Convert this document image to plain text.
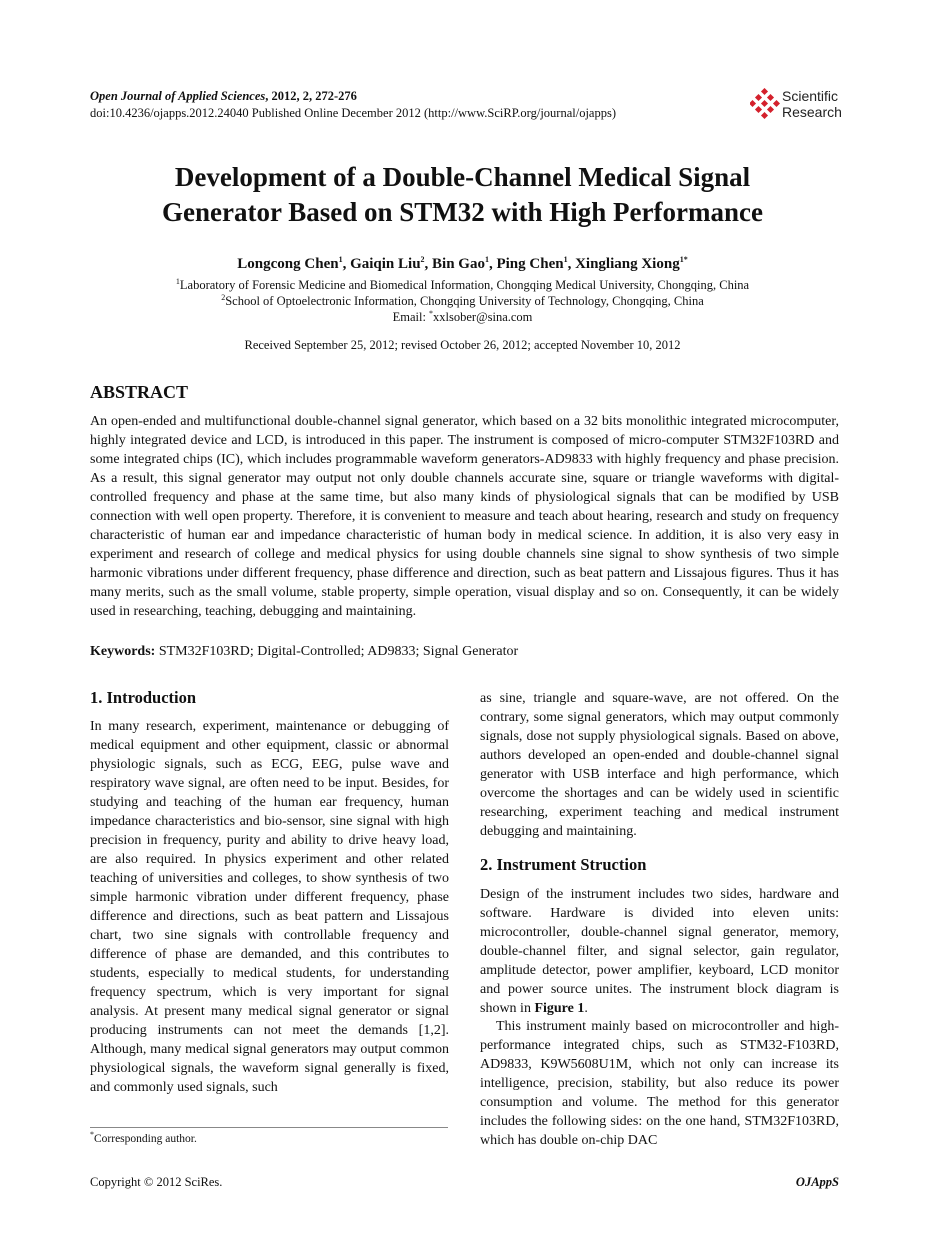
Open Journal of Applied Sciences, 2012, 2, 272-276
doi:10.4236/ojapps.2012.24040 Published Online December 2012 (http://www.SciRP.org/journal/ojapps)
Scientific
Research
Development of a Double-Channel Medical Signal
Generator Based on STM32 with High Performance
Longcong Chen$^1$, Gaiqin Liu$^2$, Bin Gao$^1$, Ping Chen$^1$, Xingliang Xiong$^{1*}$
$^1$Laboratory of Forensic Medicine and Biomedical Information, Chongqing Medical University, Chongqing, China
$^2$School of Optoelectronic Information, Chongqing University of Technology, Chongqing, China
Email: *xxlsober@sina.com
Received September 25, 2012; revised October 26, 2012; accepted November 10, 2012
ABSTRACT
An open-ended and multifunctional double-channel signal generator, which based on a 32 bits monolithic integrated microcomputer, highly integrated device and LCD, is introduced in this paper. The instrument is composed of micro-computer STM32F103RD and some integrated chips (IC), which includes programmable waveform generators-AD9833 with highly frequency and phase precision. As a result, this signal generator may output not only double channels accurate sine, square or triangle waveforms with digital-controlled frequency and phase at the same time, but also many kinds of physiological signals that can be modified by USB connection with well open property. Therefore, it is convenient to measure and teach about hearing, research and study on frequency characteristic of human ear and impedance characteristic of human body in medical science. In addition, it is also very easy in experiment and research of college and medical physics for using double channels sine signal to show synthesis of two simple harmonic vibrations under different frequency, phase difference and direction, such as beat pattern and Lissajous figures. Thus it has many merits, such as the small volume, stable property, simple operation, visual display and so on. Consequently, it can be widely used in researching, teaching, debugging and maintaining.
Keywords: STM32F103RD; Digital-Controlled; AD9833; Signal Generator
1. Introduction
In many research, experiment, maintenance or debugging of medical equipment and other equipment, classic or abnormal physiologic signals, such as ECG, EEG, pulse wave and respiratory wave signal, are often need to be input. Besides, for studying and teaching of the human ear frequency, human impedance characteristics and bio-sensor, sine signal with high precision in frequency, purity and ability to drive heavy load, are also required. In physics experiment and other related teaching of universities and colleges, to show synthesis of two simple harmonic vibration under different frequency, phase difference and directions, such as beat pattern and Lissajous chart, two sine signals with controllable frequency and difference of phase are demanded, and this contributes to students, especially to medical students, for understanding frequency spectrum, which is very important for signal analysis. At present many medical signal generator or signal producing instruments can not meet the demands [1,2]. Although, many medical signal generators may output common physiological signals, the waveform signal generally is fixed, and commonly used signals, such
*Corresponding author.
as sine, triangle and square-wave, are not offered. On the contrary, some signal generators, which may output commonly signals, dose not supply physiological signals. Based on above, authors developed an open-ended and double-channel signal generator with USB interface and high performance, which overcome the shortages and can be widely used in scientific researching, experiment teaching and medical instrument debugging and maintaining.
2. Instrument Struction
Design of the instrument includes two sides, hardware and software. Hardware is divided into eleven units: microcontroller, double-channel signal generator, memory, double-channel filter, and signal selector, gain regulator, amplitude detector, power amplifier, keyboard, LCD monitor and power source unites. The instrument block diagram is shown in Figure 1.
This instrument mainly based on microcontroller and high-performance integrated chips, such as STM32-F103RD, AD9833, K9W5608U1M, which not only can increase its intelligence, precision, stability, but also reduce its power consumption and volume. The method for this generator includes the following sides: on the one hand, STM32F103RD, which has double on-chip DAC
Copyright © 2012 SciRes.	OJAppS
